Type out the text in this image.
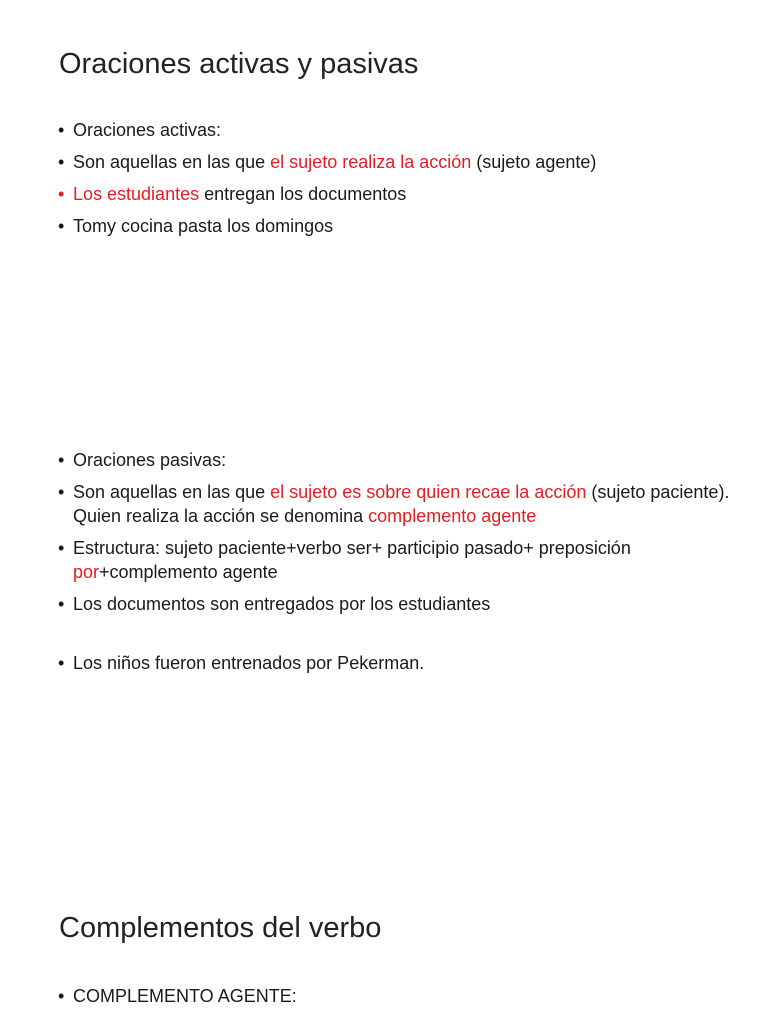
Oraciones activas y pasivas
• Oraciones activas:
• Son aquellas en las que el sujeto realiza la acción (sujeto agente)
• Los estudiantes entregan los documentos
• Tomy cocina pasta los domingos
• Oraciones pasivas:
• Son aquellas en las que el sujeto es sobre quien recae la acción (sujeto paciente). Quien realiza la acción se denomina complemento agente
• Estructura: sujeto paciente+verbo ser+ participio pasado+ preposición por+complemento agente
• Los documentos son entregados por los estudiantes
• Los niños fueron entrenados por Pekerman.
Complementos del verbo
• COMPLEMENTO AGENTE:
